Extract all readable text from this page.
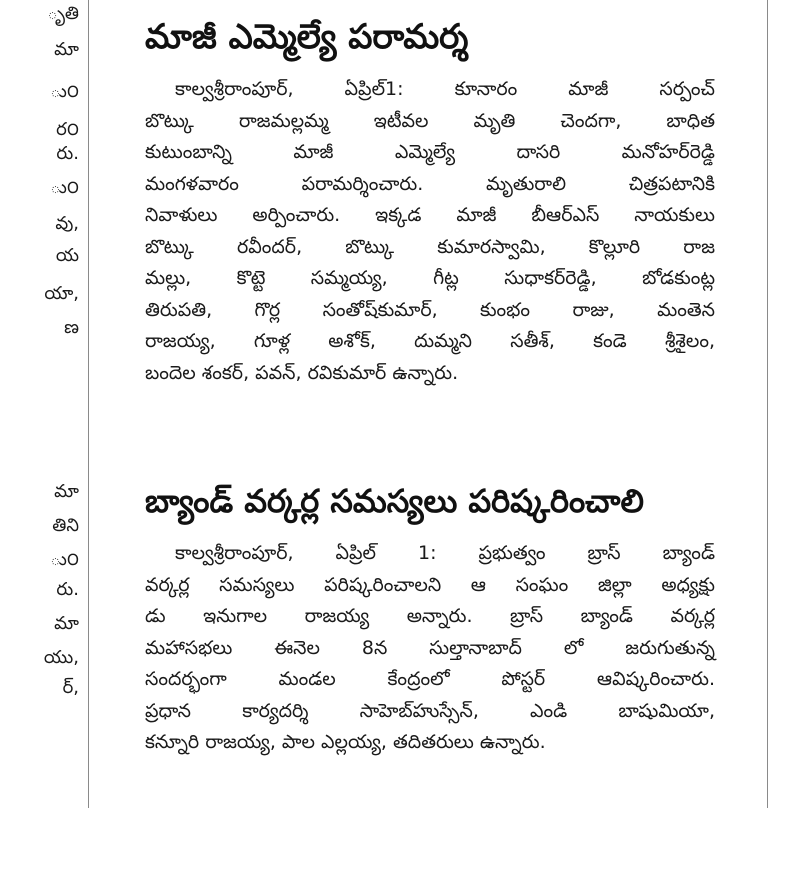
ృతి
మా
ు౦
ర౦
రు.
ు౦
వు,
య
యా,
ణ
మా
తిని
ు౦
రు.
మా
యు,
ర్,
మాజీ ఎమ్మెల్యే పరామర్శ
కాల్వశ్రీరాంపూర్, ఏప్రిల్1: కూనారం మాజీ సర్పంచ్
బొట్కు రాజమల్లమ్మ ఇటీవల మృతి చెందగా, బాధిత
కుటుంబాన్ని మాజీ ఎమ్మెల్యే దాసరి మనోహర్‌రెడ్డి
మంగళవారం పరామర్శించారు. మృతురాలి చిత్రపటానికి
నివాళులు అర్పించారు. ఇక్కడ మాజీ బీఆర్‌ఎస్ నాయకులు
బొట్కు రవీందర్, బొట్కు కుమారస్వామి, కొల్లూరి రాజ
మల్లు, కొట్టె సమ్మయ్య, గీట్ల సుధాకర్‌రెడ్డి, బోడకుంట్ల
తిరుపతి, గొర్ల సంతోష్‌కుమార్, కుంభం రాజు, మంతెన
రాజయ్య, గూళ్ల అశోక్, దుమ్మని సతీశ్, కండె శ్రీశైలం,
బందెల శంకర్, పవన్, రవికుమార్ ఉన్నారు.
బ్యాండ్ వర్కర్ల సమస్యలు పరిష్కరించాలి
కాల్వశ్రీరాంపూర్, ఏప్రిల్ 1: ప్రభుత్వం బ్రాస్ బ్యాండ్
వర్కర్ల సమస్యలు పరిష్కరించాలని ఆ సంఘం జిల్లా అధ్యక్షు
డు ఇనుగాల రాజయ్య అన్నారు. బ్రాస్ బ్యాండ్ వర్కర్ల
మహాసభలు ఈనెల 8న సుల్తానాబాద్ లో జరుగుతున్న
సందర్భంగా మండల కేంద్రంలో పోస్టర్ ఆవిష్కరించారు.
ప్రధాన కార్యదర్శి సాహెబ్‌హుస్సేన్, ఎండి బాషుమియా,
కన్నూరి రాజయ్య, పాల ఎల్లయ్య, తదితరులు ఉన్నారు.
